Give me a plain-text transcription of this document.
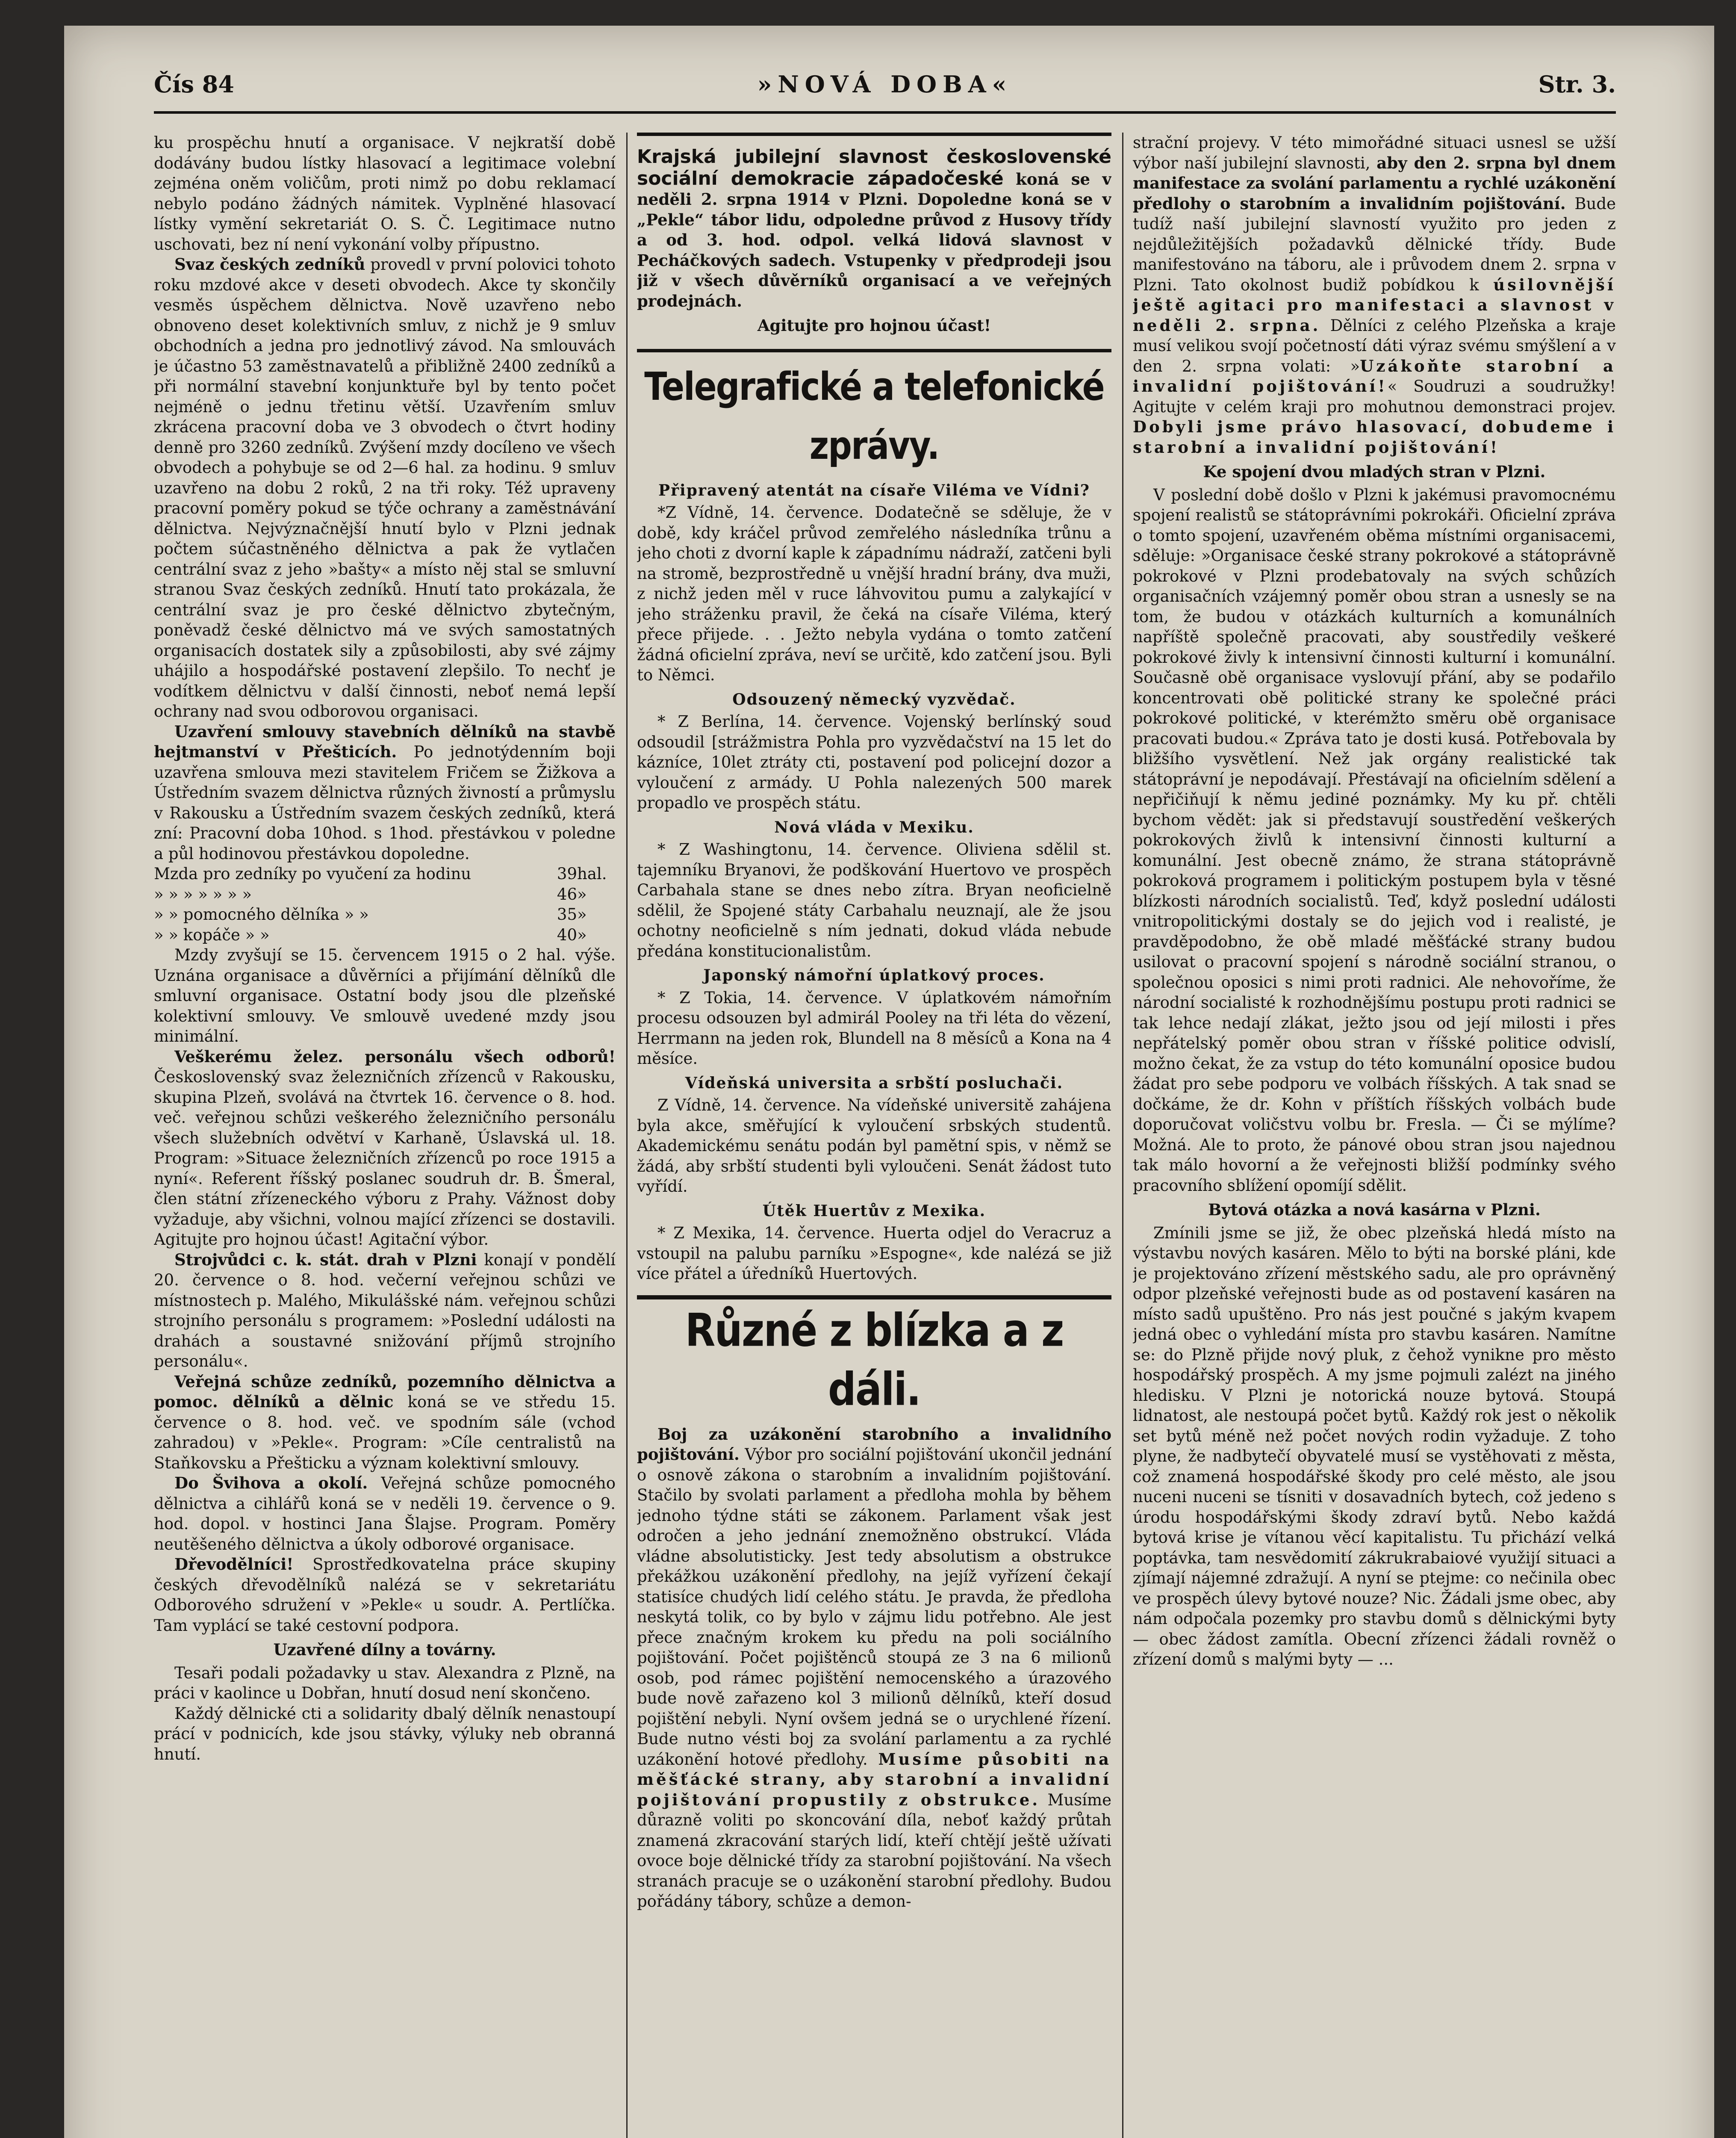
Čís 84	»NOVÁ DOBA«	Str. 3.

ku prospěchu hnutí a organisace. V nejkratší době dodávány budou lístky hlasovací a legitimace volební zejména oněm voličům, proti nimž po dobu reklamací nebylo podáno žádných námitek. Vyplněné hlasovací lístky vymění sekretariát O. S. Č. Legitimace nutno uschovati, bez ní není vykonání volby přípustno.

Svaz českých zedníků provedl v první polovici tohoto roku mzdové akce v deseti obvodech. Akce ty skončily vesměs úspěchem dělnictva. Nově uzavřeno nebo obnoveno deset kolektivních smluv, z nichž je 9 smluv obchodních a jedna pro jednotlivý závod. Na smlouvách je účastno 53 zaměstnavatelů a přibližně 2400 zedníků a při normální stavební konjunktuře byl by tento počet nejméně o jednu třetinu větší. Uzavřením smluv zkrácena pracovní doba ve 3 obvodech o čtvrt hodiny denně pro 3260 zedníků. Zvýšení mzdy docíleno ve všech obvodech a pohybuje se od 2—6 hal. za hodinu. 9 smluv uzavřeno na dobu 2 roků, 2 na tři roky. Též upraveny pracovní poměry pokud se týče ochrany a zaměstnávání dělnictva. Nejvýznačnější hnutí bylo v Plzni jednak počtem súčastněného dělnictva a pak že vytlačen centrální svaz z jeho »bašty« a místo něj stal se smluvní stranou Svaz českých zedníků. Hnutí tato prokázala, že centrální svaz je pro české dělnictvo zbytečným, poněvadž české dělnictvo má ve svých samostatných organisacích dostatek sily a způsobilosti, aby své zájmy uhájilo a hospodářské postavení zlepšilo. To nechť je vodítkem dělnictvu v další činnosti, neboť nemá lepší ochrany nad svou odborovou organisaci.

Uzavření smlouvy stavebních dělníků na stavbě hejtmanství v Přešticích. Po jednotýdenním boji uzavřena smlouva mezi stavitelem Fričem se Žižkova a Ústředním svazem dělnictva různých živností a průmyslu v Rakousku a Ústředním svazem českých zedníků, která zní: Pracovní doba 10hod. s 1hod. přestávkou v poledne a půl hodinovou přestávkou dopoledne.

Mzda pro zedníky po vyučení za hodinu	39	hal.
» » » » » » »	46	»
» » pomocného dělníka » »	35	»
» » kopáče » »	40	»

Mzdy zvyšují se 15. červencem 1915 o 2 hal. výše. Uznána organisace a důvěrníci a přijímání dělníků dle smluvní organisace. Ostatní body jsou dle plzeňské kolektivní smlouvy. Ve smlouvě uvedené mzdy jsou minimální.

Veškerému želez. personálu všech odborů! Československý svaz železničních zřízenců v Rakousku, skupina Plzeň, svolává na čtvrtek 16. července o 8. hod. več. veřejnou schůzi veškerého železničního personálu všech služebních odvětví v Karhaně, Úslavská ul. 18. Program: »Situace železničních zřízenců po roce 1915 a nyní«. Referent říšský poslanec soudruh dr. B. Šmeral, člen státní zřízeneckého výboru z Prahy. Vážnost doby vyžaduje, aby všichni, volnou mající zřízenci se dostavili. Agitujte pro hojnou účast! Agitační výbor.

Strojvůdci c. k. stát. drah v Plzni konají v pondělí 20. července o 8. hod. večerní veřejnou schůzi ve místnostech p. Malého, Mikulášské nám. veřejnou schůzi strojního personálu s programem: »Poslední události na drahách a soustavné snižování příjmů strojního personálu«.

Veřejná schůze zedníků, pozemního dělnictva a pomoc. dělníků a dělnic koná se ve středu 15. července o 8. hod. več. ve spodním sále (vchod zahradou) v »Pekle«. Program: »Cíle centralistů na Staňkovsku a Přešticku a význam kolektivní smlouvy.

Do Švihova a okolí. Veřejná schůze pomocného dělnictva a cihlářů koná se v neděli 19. července o 9. hod. dopol. v hostinci Jana Šlajse. Program. Poměry neutěšeného dělnictva a úkoly odborové organisace.

Dřevodělníci! Sprostředkovatelna práce skupiny českých dřevodělníků nalézá se v sekretariátu Odborového sdružení v »Pekle« u soudr. A. Pertlíčka. Tam vyplácí se také cestovní podpora.

Uzavřené dílny a továrny.

Tesaři podali požadavky u stav. Alexandra z Plzně, na práci v kaolince u Dobřan, hnutí dosud není skončeno.

Každý dělnické cti a solidarity dbalý dělník nenastoupí prácí v podnicích, kde jsou stávky, výluky neb obranná hnutí.

Krajská jubilejní slavnost československé sociální demokracie západočeské koná se v neděli 2. srpna 1914 v Plzni. Dopoledne koná se v „Pekle“ tábor lidu, odpoledne průvod z Husovy třídy a od 3. hod. odpol. velká lidová slavnost v Pecháčkových sadech. Vstupenky v předprodeji jsou již v všech důvěrníků organisací a ve veřejných prodejnách.

Agitujte pro hojnou účast!

Telegrafické a telefonické zprávy.

Připravený atentát na císaře Viléma ve Vídni?

*Z Vídně, 14. července. Dodatečně se sděluje, že v době, kdy kráčel průvod zemřelého následníka trůnu a jeho choti z dvorní kaple k západnímu nádraží, zatčeni byli na stromě, bezprostředně u vnější hradní brány, dva muži, z nichž jeden měl v ruce láhvovitou pumu a zalykající v jeho stráženku pravil, že čeká na císaře Viléma, který přece přijede. . . Ježto nebyla vydána o tomto zatčení žádná oficielní zpráva, neví se určitě, kdo zatčení jsou. Byli to Němci.

Odsouzený německý vyzvědač.

* Z Berlína, 14. července. Vojenský berlínský soud odsoudil [strážmistra Pohla pro vyzvědačství na 15 let do kázníce, 10let ztráty cti, postavení pod policejní dozor a vyloučení z armády. U Pohla nalezených 500 marek propadlo ve prospěch státu.

Nová vláda v Mexiku.

* Z Washingtonu, 14. července. Oliviena sdělil st. tajemníku Bryanovi, že podškování Huertovo ve prospěch Carbahala stane se dnes nebo zítra. Bryan neoficielně sdělil, že Spojené státy Carbahalu neuznají, ale že jsou ochotny neoficielně s ním jednati, dokud vláda nebude předána konstitucionalistům.

Japonský námořní úplatkový proces.

* Z Tokia, 14. července. V úplatkovém námořním procesu odsouzen byl admirál Pooley na tři léta do vězení, Herrmann na jeden rok, Blundell na 8 měsíců a Kona na 4 měsíce.

Vídeňská universita a srbští posluchači.

Z Vídně, 14. července. Na vídeňské universitě zahájena byla akce, směřující k vyloučení srbských studentů. Akademickému senátu podán byl pamětní spis, v němž se žádá, aby srbští studenti byli vyloučeni. Senát žádost tuto vyřídí.

Útěk Huertův z Mexika.

* Z Mexika, 14. července. Huerta odjel do Veracruz a vstoupil na palubu parníku »Espogne«, kde nalézá se již více přátel a úředníků Huertových.

Různé z blízka a z dáli.

Boj za uzákonění starobního a invalidního pojištování. Výbor pro sociální pojištování ukončil jednání o osnově zákona o starobním a invalidním pojištování. Stačilo by svolati parlament a předloha mohla by během jednoho týdne státi se zákonem. Parlament však jest odročen a jeho jednání znemožněno obstrukcí. Vláda vládne absolutisticky. Jest tedy absolutism a obstrukce překážkou uzákonění předlohy, na jejíž vyřízení čekají statisíce chudých lidí celého státu. Je pravda, že předloha neskytá tolik, co by bylo v zájmu lidu potřebno. Ale jest přece značným krokem ku předu na poli sociálního pojištování. Počet pojištěnců stoupá ze 3 na 6 milionů osob, pod rámec pojištění nemocenského a úrazového bude nově zařazeno kol 3 milionů dělníků, kteří dosud pojištění nebyli. Nyní ovšem jedná se o urychlené řízení. Bude nutno vésti boj za svolání parlamentu a za rychlé uzákonění hotové předlohy. Musíme působiti na měšťácké strany, aby starobní a invalidní pojištování propustily z obstrukce. Musíme důrazně voliti po skoncování díla, neboť každý průtah znamená zkracování starých lidí, kteří chtějí ještě užívati ovoce boje dělnické třídy za starobní pojištování. Na všech stranách pracuje se o uzákonění starobní předlohy. Budou pořádány tábory, schůze a demon-

strační projevy. V této mimořádné situaci usnesl se užší výbor naší jubilejní slavnosti, aby den 2. srpna byl dnem manifestace za svolání parlamentu a rychlé uzákonění předlohy o starobním a invalidním pojištování. Bude tudíž naší jubilejní slavností využito pro jeden z nejdůležitějších požadavků dělnické třídy. Bude manifestováno na táboru, ale i průvodem dnem 2. srpna v Plzni. Tato okolnost budiž pobídkou k úsilovnější ještě agitaci pro manifestaci a slavnost v neděli 2. srpna. Dělníci z celého Plzeňska a kraje musí velikou svojí početností dáti výraz svému smýšlení a v den 2. srpna volati: »Uzákoňte starobní a invalidní pojištování!« Soudruzi a soudružky! Agitujte v celém kraji pro mohutnou demonstraci projev. Dobyli jsme právo hlasovací, dobudeme i starobní a invalidní pojištování!

Ke spojení dvou mladých stran v Plzni.

V poslední době došlo v Plzni k jakémusi pravomocnému spojení realistů se státoprávními pokrokáři. Oficielní zpráva o tomto spojení, uzavřeném oběma místními organisacemi, sděluje: »Organisace české strany pokrokové a státoprávně pokrokové v Plzni prodebatovaly na svých schůzích organisačních vzájemný poměr obou stran a usnesly se na tom, že budou v otázkách kulturních a komunálních napříště společně pracovati, aby soustředily veškeré pokrokové živly k intensivní činnosti kulturní i komunální. Současně obě organisace vyslovují přání, aby se podařilo koncentrovati obě politické strany ke společné práci pokrokové politické, v kterémžto směru obě organisace pracovati budou.« Zpráva tato je dosti kusá. Potřebovala by bližšího vysvětlení. Než jak orgány realistické tak státoprávní je nepodávají. Přestávají na oficielním sdělení a nepřičiňují k němu jediné poznámky. My ku př. chtěli bychom vědět: jak si představují soustředění veškerých pokrokových živlů k intensivní činnosti kulturní a komunální. Jest obecně známo, že strana státoprávně pokroková programem i politickým postupem byla v těsné blízkosti národních socialistů. Teď, když poslední události vnitropolitickými dostaly se do jejich vod i realisté, je pravděpodobno, že obě mladé měšťácké strany budou usilovat o pracovní spojení s národně sociální stranou, o společnou oposici s nimi proti radnici. Ale nehovoříme, že národní socialisté k rozhodnějšímu postupu proti radnici se tak lehce nedají zlákat, ježto jsou od její milosti i přes nepřátelský poměr obou stran v říšské politice odvislí, možno čekat, že za vstup do této komunální oposice budou žádat pro sebe podporu ve volbách říšských. A tak snad se dočkáme, že dr. Kohn v příštích říšských volbách bude doporučovat voličstvu volbu br. Fresla. — Či se mýlíme? Možná. Ale to proto, že pánové obou stran jsou najednou tak málo hovorní a že veřejnosti bližší podmínky svého pracovního sblížení opomíjí sdělit.

Bytová otázka a nová kasárna v Plzni.

Zmínili jsme se již, že obec plzeňská hledá místo na výstavbu nových kasáren. Mělo to býti na borské pláni, kde je projektováno zřízení městského sadu, ale pro oprávněný odpor plzeňské veřejnosti bude as od postavení kasáren na místo sadů upuštěno. Pro nás jest poučné s jakým kvapem jedná obec o vyhledání místa pro stavbu kasáren. Namítne se: do Plzně přijde nový pluk, z čehož vynikne pro město hospodářský prospěch. A my jsme pojmuli zalézt na jiného hledisku. V Plzni je notorická nouze bytová. Stoupá lidnatost, ale nestoupá počet bytů. Každý rok jest o několik set bytů méně než počet nových rodin vyžaduje. Z toho plyne, že nadbytečí obyvatelé musí se vystěhovati z města, což znamená hospodářské škody pro celé město, ale jsou nuceni nuceni se tísniti v dosavadních bytech, což jedeno s úrodu hospodářskými škody zdraví bytů. Nebo každá bytová krise je vítanou věcí kapitalistu. Tu přichází velká poptávka, tam nesvědomití zákrukrabaiové využijí situaci a zjímají nájemné zdražují. A nyní se ptejme: co nečinila obec ve prospěch úlevy bytové nouze? Nic. Žádali jsme obec, aby nám odpočala pozemky pro stavbu domů s dělnickými byty — obec žádost zamítla. Obecní zřízenci žádali rovněž o zřízení domů s malými byty — ...
